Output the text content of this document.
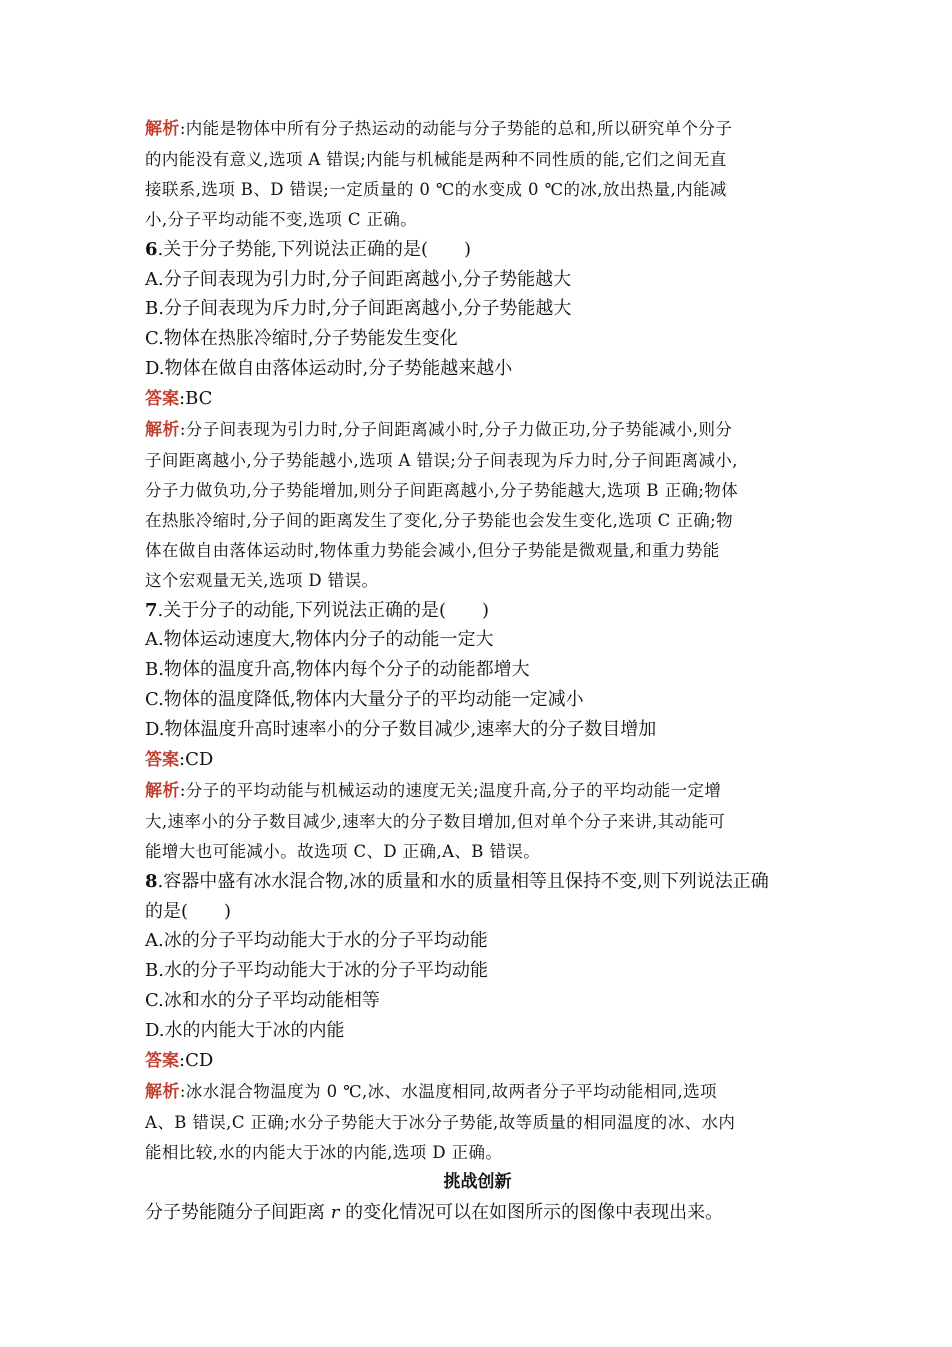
解析:内能是物体中所有分子热运动的动能与分子势能的总和,所以研究单个分子
的内能没有意义,选项 A 错误;内能与机械能是两种不同性质的能,它们之间无直
接联系,选项 B、D 错误;一定质量的 0 ℃的水变成 0 ℃的冰,放出热量,内能减
小,分子平均动能不变,选项 C 正确。

6.关于分子势能,下列说法正确的是(　　)

A.分子间表现为引力时,分子间距离越小,分子势能越大

B.分子间表现为斥力时,分子间距离越小,分子势能越大

C.物体在热胀冷缩时,分子势能发生变化

D.物体在做自由落体运动时,分子势能越来越小

答案:BC

解析:分子间表现为引力时,分子间距离减小时,分子力做正功,分子势能减小,则分
子间距离越小,分子势能越小,选项 A 错误;分子间表现为斥力时,分子间距离减小,
分子力做负功,分子势能增加,则分子间距离越小,分子势能越大,选项 B 正确;物体
在热胀冷缩时,分子间的距离发生了变化,分子势能也会发生变化,选项 C 正确;物
体在做自由落体运动时,物体重力势能会减小,但分子势能是微观量,和重力势能
这个宏观量无关,选项 D 错误。

7.关于分子的动能,下列说法正确的是(　　)

A.物体运动速度大,物体内分子的动能一定大

B.物体的温度升高,物体内每个分子的动能都增大

C.物体的温度降低,物体内大量分子的平均动能一定减小

D.物体温度升高时速率小的分子数目减少,速率大的分子数目增加

答案:CD

解析:分子的平均动能与机械运动的速度无关;温度升高,分子的平均动能一定增
大,速率小的分子数目减少,速率大的分子数目增加,但对单个分子来讲,其动能可
能增大也可能减小。故选项 C、D 正确,A、B 错误。

8.容器中盛有冰水混合物,冰的质量和水的质量相等且保持不变,则下列说法正确

的是(　　)

A.冰的分子平均动能大于水的分子平均动能

B.水的分子平均动能大于冰的分子平均动能

C.冰和水的分子平均动能相等

D.水的内能大于冰的内能

答案:CD

解析:冰水混合物温度为 0 ℃,冰、水温度相同,故两者分子平均动能相同,选项
A、B 错误,C 正确;水分子势能大于冰分子势能,故等质量的相同温度的冰、水内
能相比较,水的内能大于冰的内能,选项 D 正确。

挑战创新

分子势能随分子间距离 r 的变化情况可以在如图所示的图像中表现出来。
